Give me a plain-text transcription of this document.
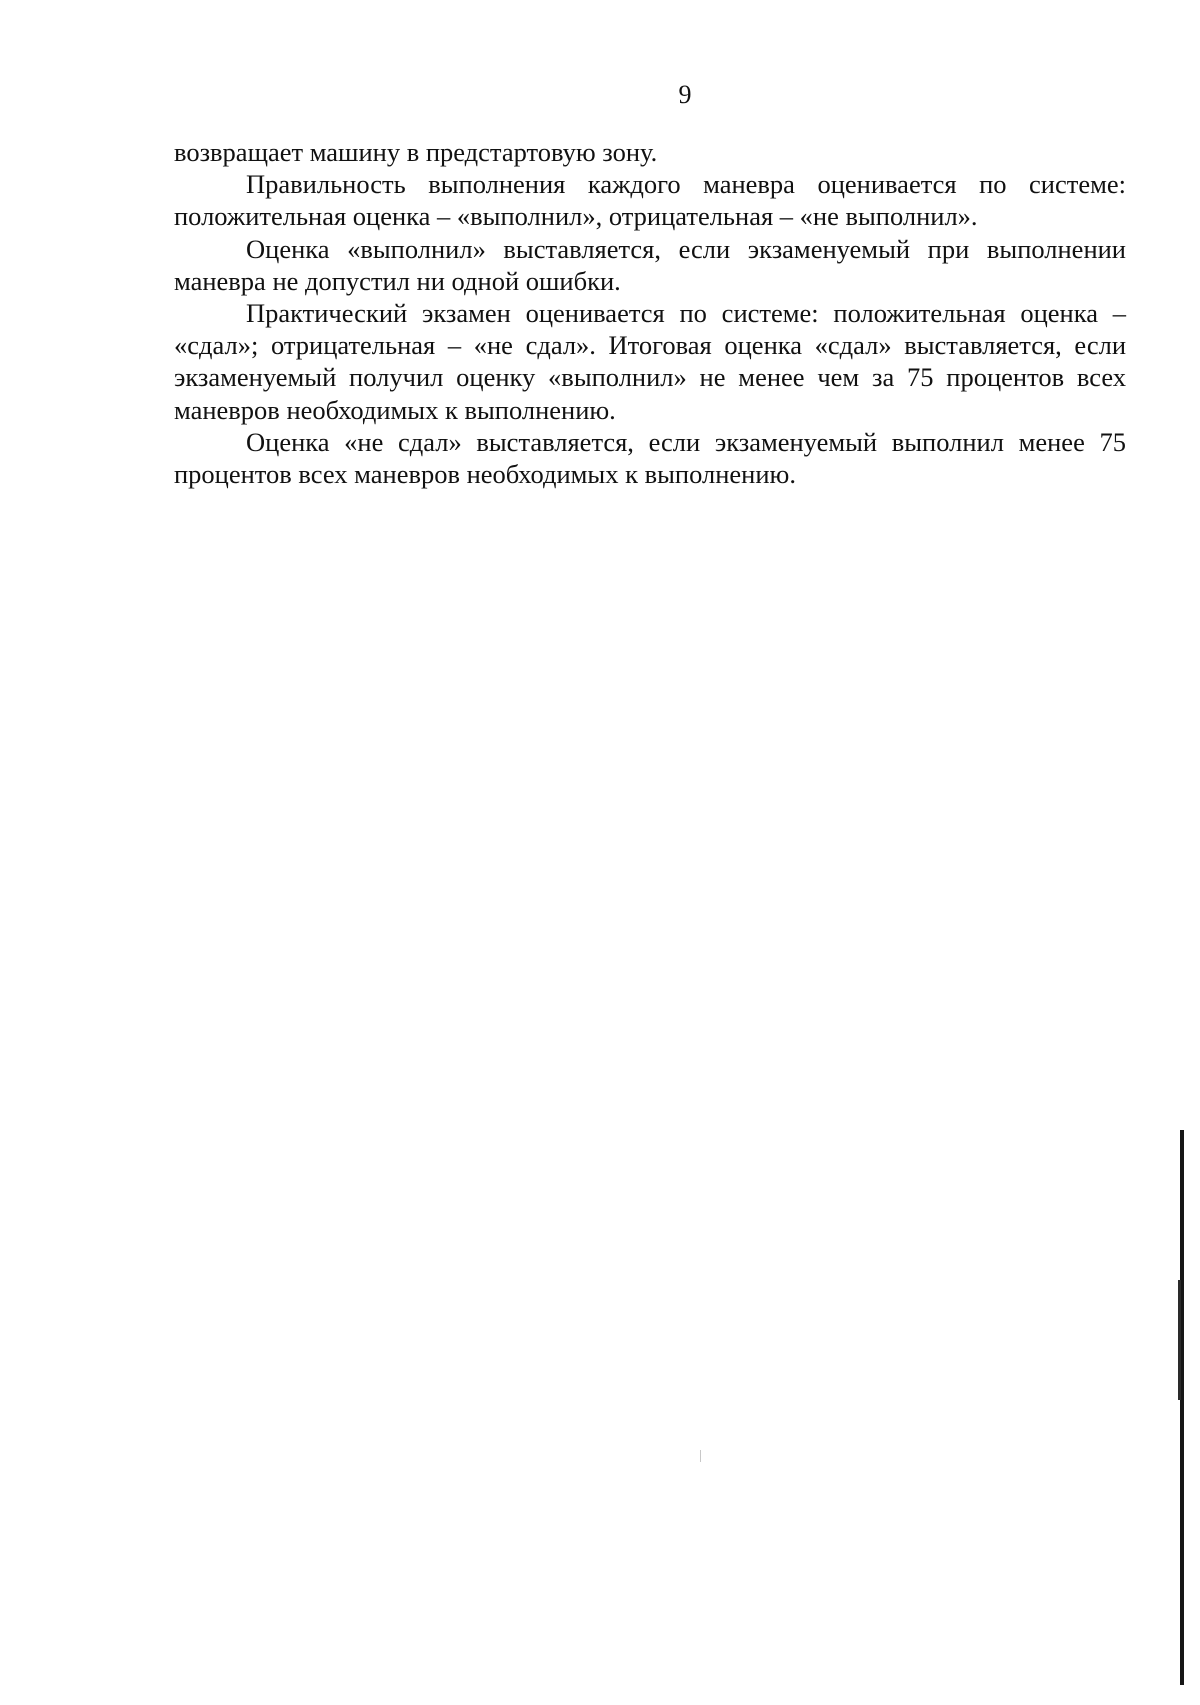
9

возвращает машину в предстартовую зону.

Правильность выполнения каждого маневра оценивается по системе: положительная оценка – «выполнил», отрицательная – «не выполнил».

Оценка «выполнил» выставляется, если экзаменуемый при выполнении маневра не допустил ни одной ошибки.

Практический экзамен оценивается по системе: положительная оценка – «сдал»; отрицательная – «не сдал». Итоговая оценка «сдал» выставляется, если экзаменуемый получил оценку «выполнил» не менее чем за 75 процентов всех маневров необходимых к выполнению.

Оценка «не сдал» выставляется, если экзаменуемый выполнил менее 75 процентов всех маневров необходимых к выполнению.
